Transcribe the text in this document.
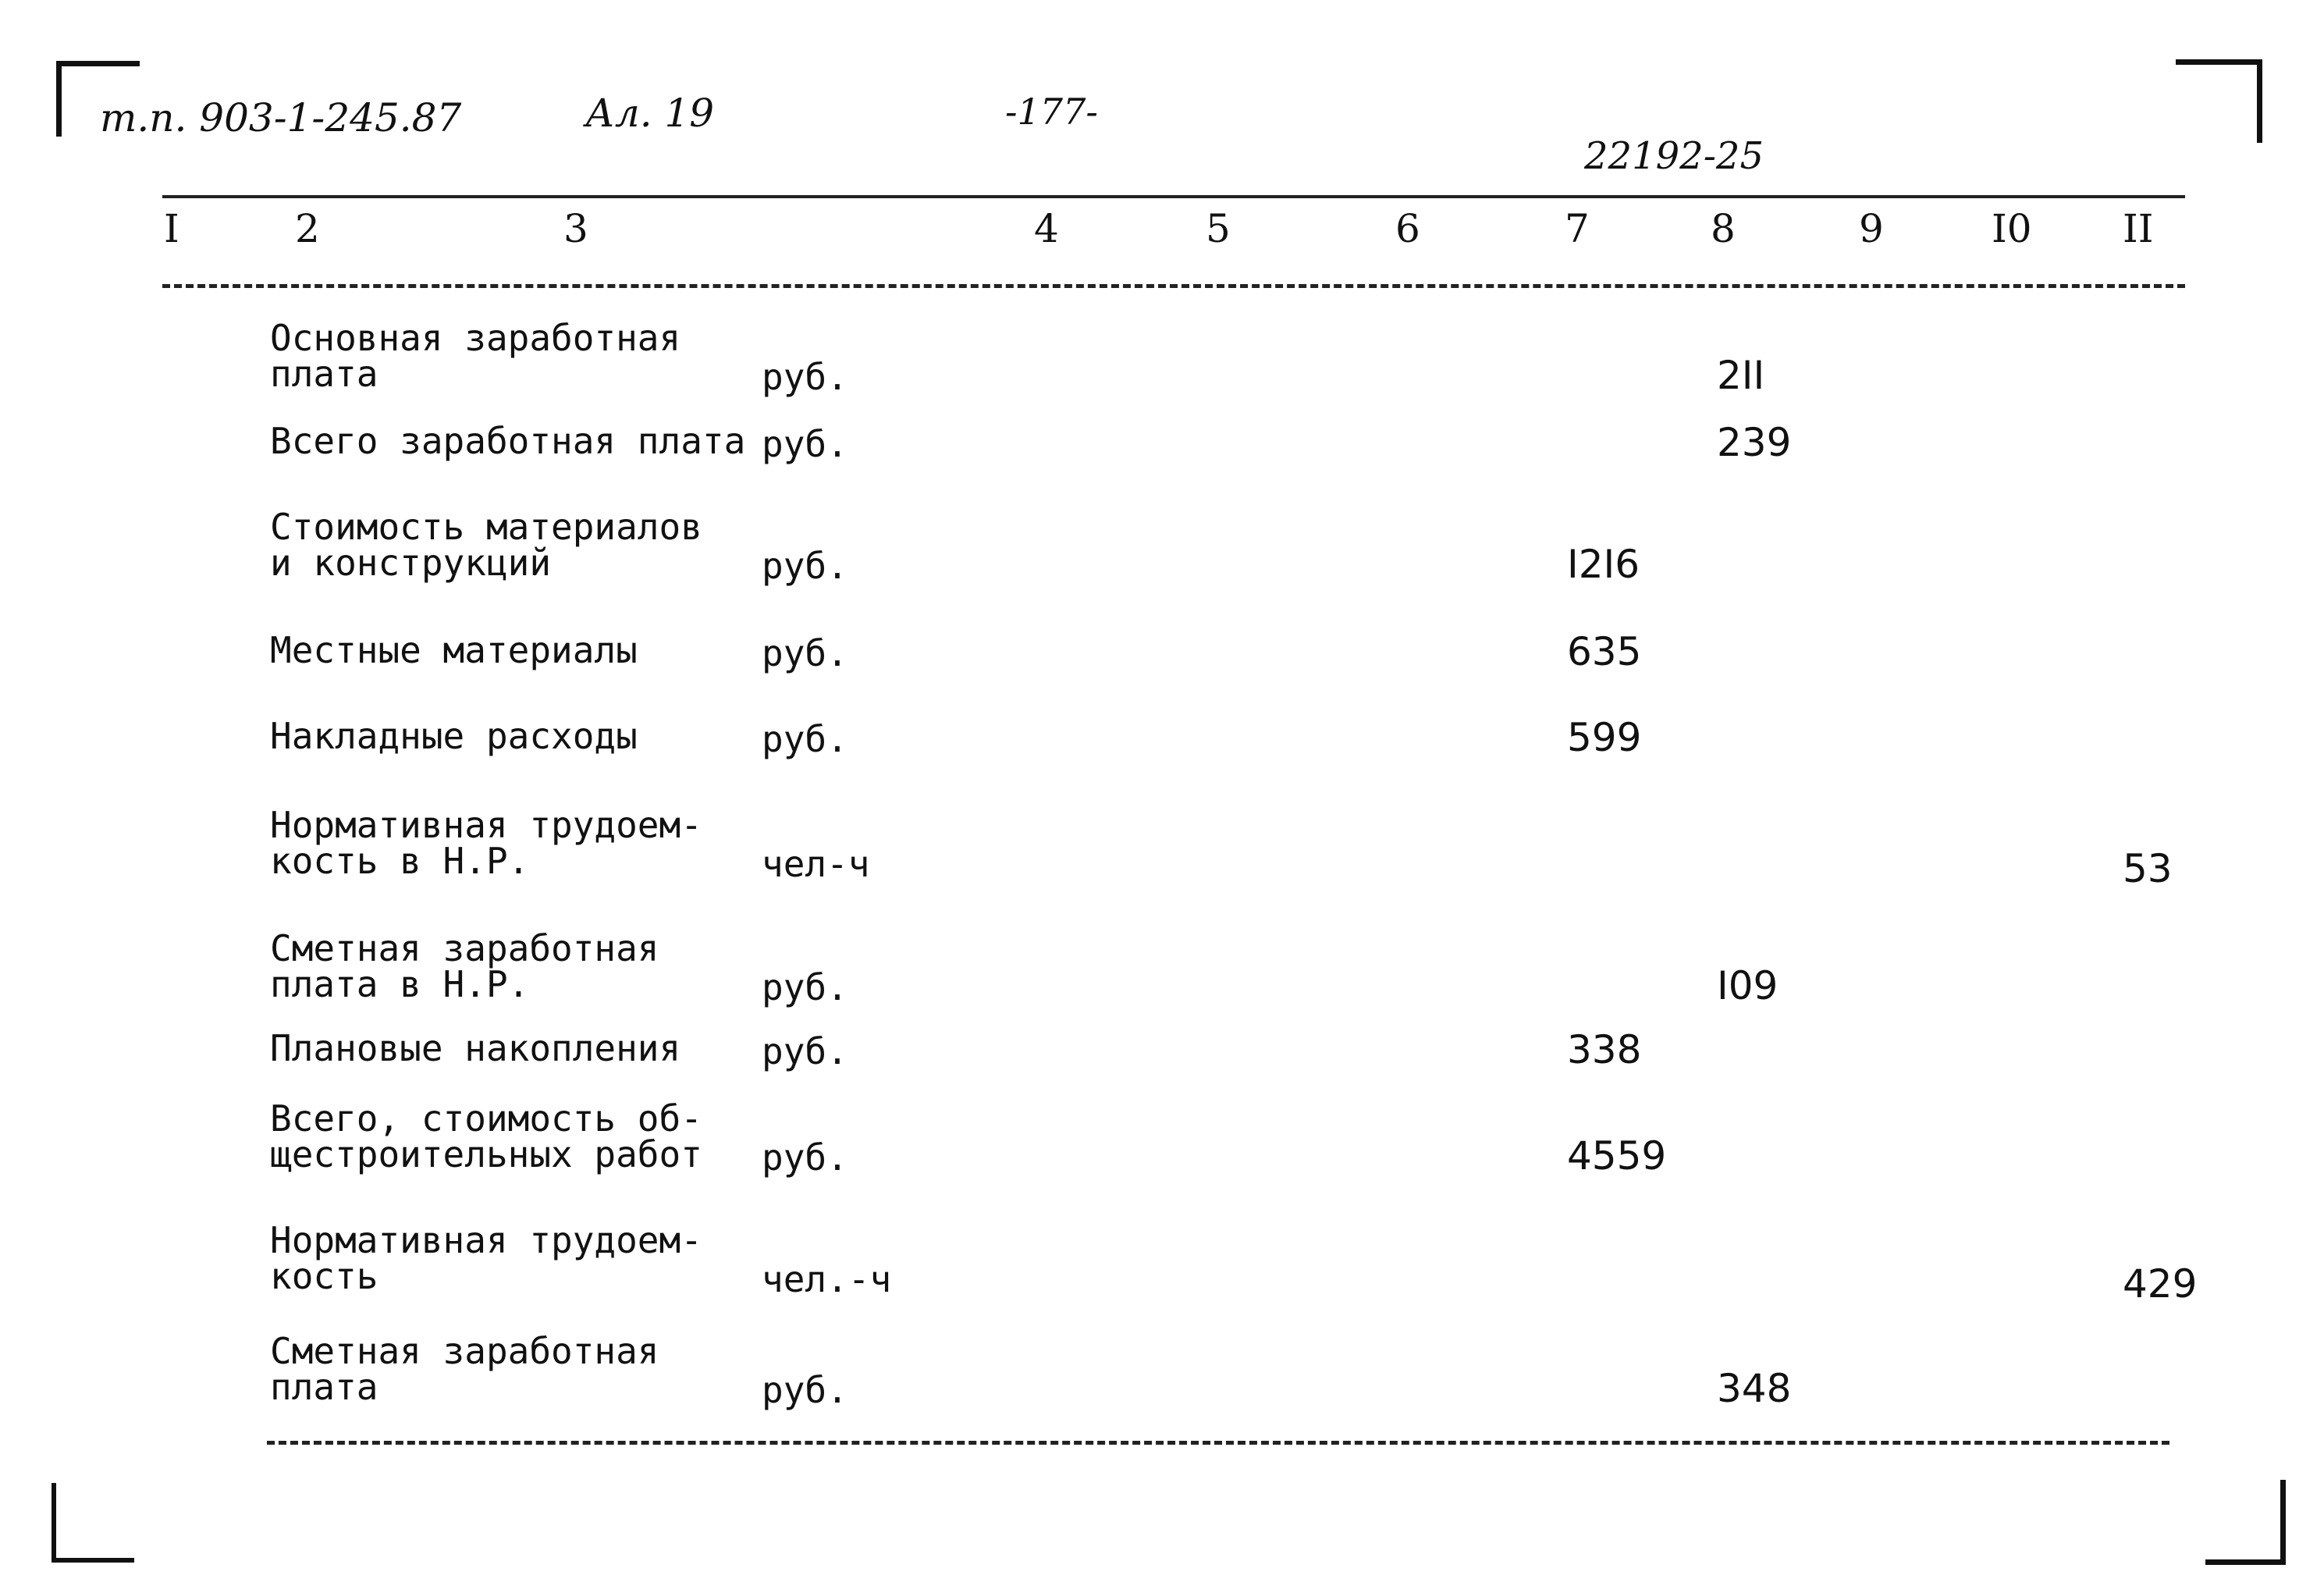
т.п. 903-1-245.87	Ал. 19	-177-
22192-25
I	2	3	4	5	6	7	8	9	I0 II
Основная заработная
плата	руб.	2II
Всего заработная плата руб.	239
Стоимость материалов
и конструкций	руб.	I2I6
Местные материалы	руб.	635
Накладные расходы	руб.	599
Нормативная трудоем-
кость в Н.Р.	чел-ч	53
Сметная заработная
плата в Н.Р.	руб.	I09
Плановые накопления руб.	338
Всего, стоимость об-
щестроительных работ руб.	4559
Нормативная трудоем-
кость	чел.-ч	429
Сметная заработная
плата	руб.	348
